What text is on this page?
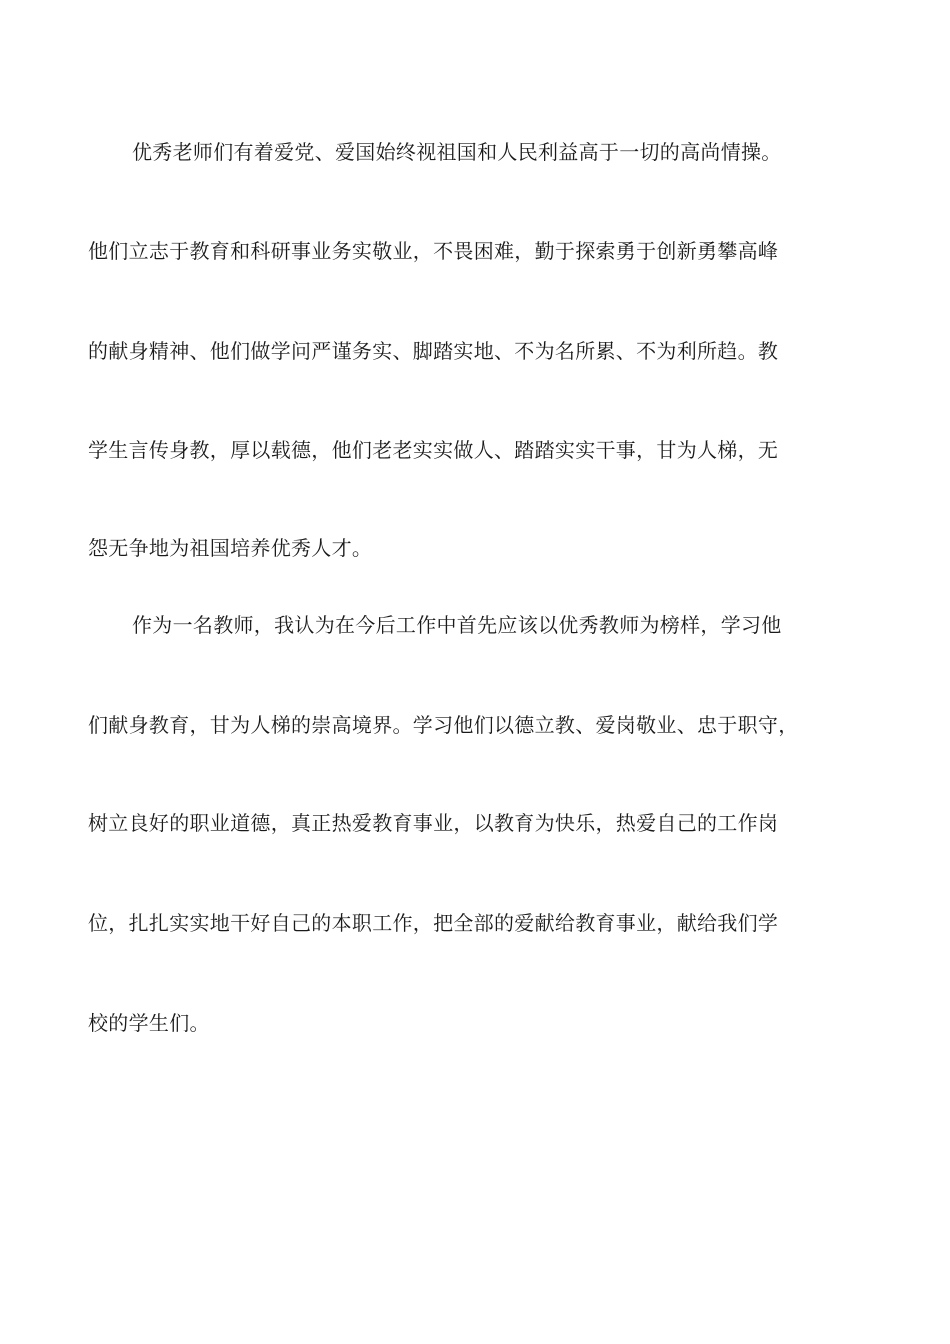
优秀老师们有着爱党、爱国始终视祖国和人民利益高于一切的高尚情操。
他们立志于教育和科研事业务实敬业，不畏困难，勤于探索勇于创新勇攀高峰
的献身精神、他们做学问严谨务实、脚踏实地、不为名所累、不为利所趋。教
学生言传身教，厚以载德，他们老老实实做人、踏踏实实干事，甘为人梯，无
怨无争地为祖国培养优秀人才。
作为一名教师，我认为在今后工作中首先应该以优秀教师为榜样，学习他
们献身教育，甘为人梯的崇高境界。学习他们以德立教、爱岗敬业、忠于职守，
树立良好的职业道德，真正热爱教育事业，以教育为快乐，热爱自己的工作岗
位，扎扎实实地干好自己的本职工作，把全部的爱献给教育事业，献给我们学
校的学生们。
